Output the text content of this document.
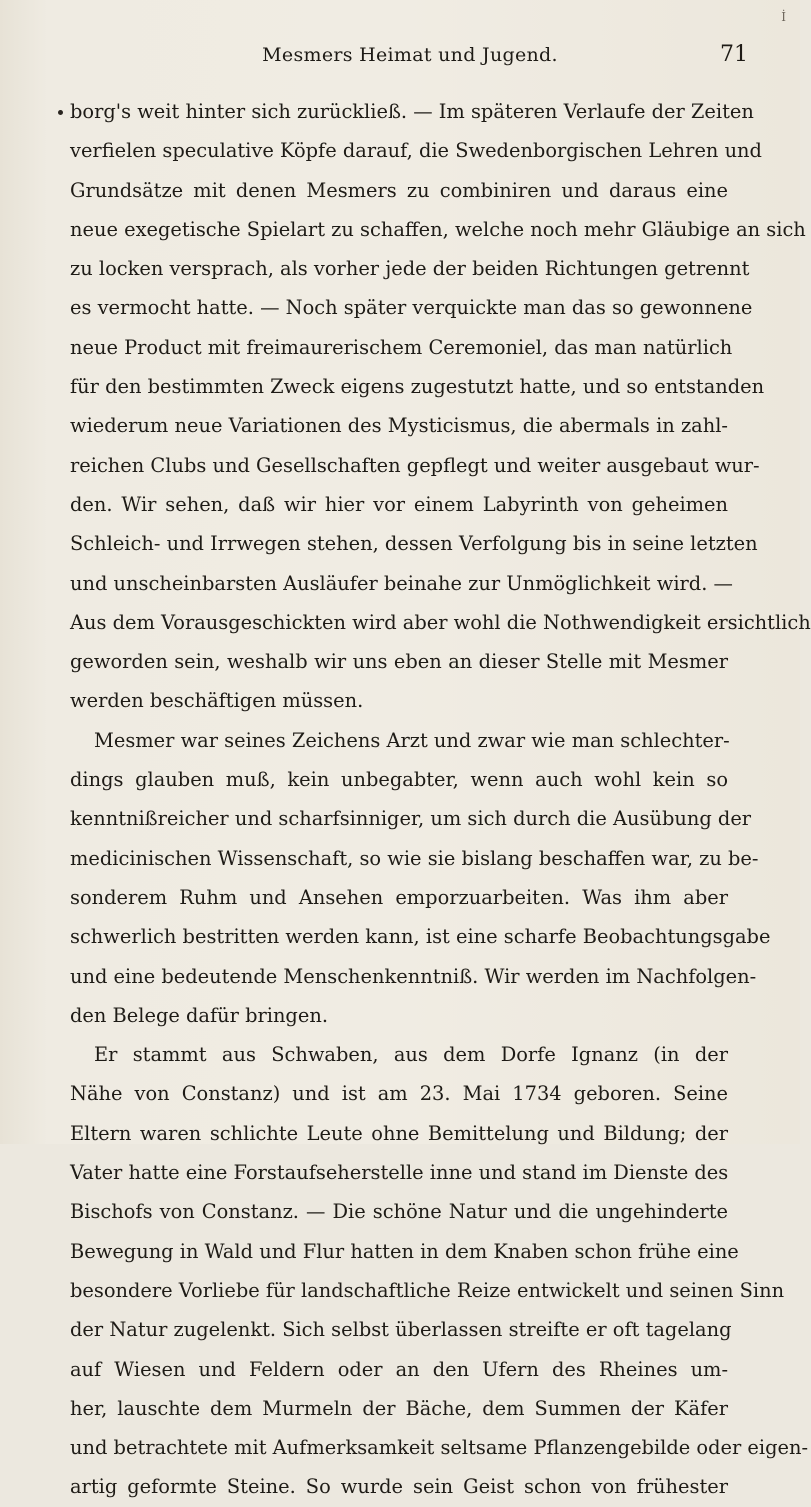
İ
Mesmers Heimat und Jugend.	71
borg's weit hinter sich zurückließ. — Im späteren Verlaufe der Zeiten
verfielen speculative Köpfe darauf, die Swedenborgischen Lehren und
Grundsätze mit denen Mesmers zu combiniren und daraus eine
neue exegetische Spielart zu schaffen, welche noch mehr Gläubige an sich
zu locken versprach, als vorher jede der beiden Richtungen getrennt
es vermocht hatte. — Noch später verquickte man das so gewonnene
neue Product mit freimaurerischem Ceremoniel, das man natürlich
für den bestimmten Zweck eigens zugestutzt hatte, und so entstanden
wiederum neue Variationen des Mysticismus, die abermals in zahl-
reichen Clubs und Gesellschaften gepflegt und weiter ausgebaut wur-
den. Wir sehen, daß wir hier vor einem Labyrinth von geheimen
Schleich- und Irrwegen stehen, dessen Verfolgung bis in seine letzten
und unscheinbarsten Ausläufer beinahe zur Unmöglichkeit wird. —
Aus dem Vorausgeschickten wird aber wohl die Nothwendigkeit ersichtlich
geworden sein, weshalb wir uns eben an dieser Stelle mit Mesmer
werden beschäftigen müssen.
Mesmer war seines Zeichens Arzt und zwar wie man schlechter-
dings glauben muß, kein unbegabter, wenn auch wohl kein so
kenntnißreicher und scharfsinniger, um sich durch die Ausübung der
medicinischen Wissenschaft, so wie sie bislang beschaffen war, zu be-
sonderem Ruhm und Ansehen emporzuarbeiten. Was ihm aber
schwerlich bestritten werden kann, ist eine scharfe Beobachtungsgabe
und eine bedeutende Menschenkenntniß. Wir werden im Nachfolgen-
den Belege dafür bringen.
Er stammt aus Schwaben, aus dem Dorfe Ignanz (in der
Nähe von Constanz) und ist am 23. Mai 1734 geboren. Seine
Eltern waren schlichte Leute ohne Bemittelung und Bildung; der
Vater hatte eine Forstaufseherstelle inne und stand im Dienste des
Bischofs von Constanz. — Die schöne Natur und die ungehinderte
Bewegung in Wald und Flur hatten in dem Knaben schon frühe eine
besondere Vorliebe für landschaftliche Reize entwickelt und seinen Sinn
der Natur zugelenkt. Sich selbst überlassen streifte er oft tagelang
auf Wiesen und Feldern oder an den Ufern des Rheines um-
her, lauschte dem Murmeln der Bäche, dem Summen der Käfer
und betrachtete mit Aufmerksamkeit seltsame Pflanzengebilde oder eigen-
artig geformte Steine. So wurde sein Geist schon von frühester
